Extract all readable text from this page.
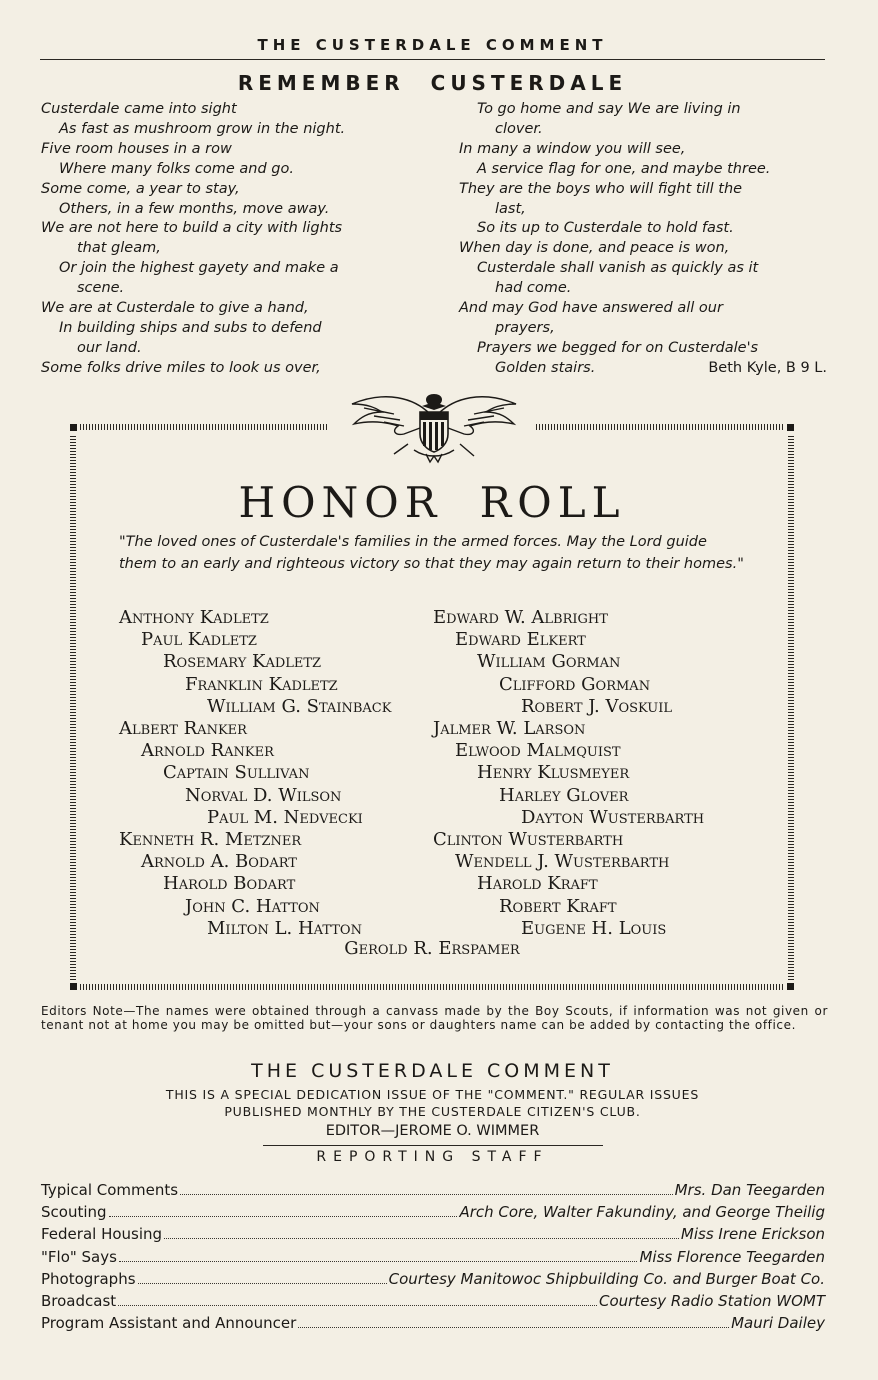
THE CUSTERDALE COMMENT
REMEMBER CUSTERDALE
Custerdale came into sight
As fast as mushroom grow in the night.
Five room houses in a row
Where many folks come and go.
Some come, a year to stay,
Others, in a few months, move away.
We are not here to build a city with lights
that gleam,
Or join the highest gayety and make a
scene.
We are at Custerdale to give a hand,
In building ships and subs to defend
our land.
Some folks drive miles to look us over,
To go home and say We are living in
clover.
In many a window you will see,
A service flag for one, and maybe three.
They are the boys who will fight till the
last,
So its up to Custerdale to hold fast.
When day is done, and peace is won,
Custerdale shall vanish as quickly as it
had come.
And may God have answered all our
prayers,
Prayers we begged for on Custerdale's
Golden stairs.	Beth Kyle, B 9 L.
HONOR ROLL
"The loved ones of Custerdale's families in the armed forces. May the Lord guide them to an early and righteous victory so that they may again return to their homes."
Anthony Kadletz
Paul Kadletz
Rosemary Kadletz
Franklin Kadletz
William G. Stainback
Albert Ranker
Arnold Ranker
Captain Sullivan
Norval D. Wilson
Paul M. Nedvecki
Kenneth R. Metzner
Arnold A. Bodart
Harold Bodart
John C. Hatton
Milton L. Hatton
Edward W. Albright
Edward Elkert
William Gorman
Clifford Gorman
Robert J. Voskuil
Jalmer W. Larson
Elwood Malmquist
Henry Klusmeyer
Harley Glover
Dayton Wusterbarth
Clinton Wusterbarth
Wendell J. Wusterbarth
Harold Kraft
Robert Kraft
Eugene H. Louis
Gerold R. Erspamer
Editors Note—The names were obtained through a canvass made by the Boy Scouts, if information was not given or tenant not at home you may be omitted but—your sons or daughters name can be added by contacting the office.
THE CUSTERDALE COMMENT
THIS IS A SPECIAL DEDICATION ISSUE OF THE "COMMENT." REGULAR ISSUES
PUBLISHED MONTHLY BY THE CUSTERDALE CITIZEN'S CLUB.
EDITOR—JEROME O. WIMMER
REPORTING STAFF
Typical Comments	Mrs. Dan Teegarden
Scouting	Arch Core, Walter Fakundiny, and George Theilig
Federal Housing	Miss Irene Erickson
"Flo" Says	Miss Florence Teegarden
Photographs	Courtesy Manitowoc Shipbuilding Co. and Burger Boat Co.
Broadcast	Courtesy Radio Station WOMT
Program Assistant and Announcer	Mauri Dailey
